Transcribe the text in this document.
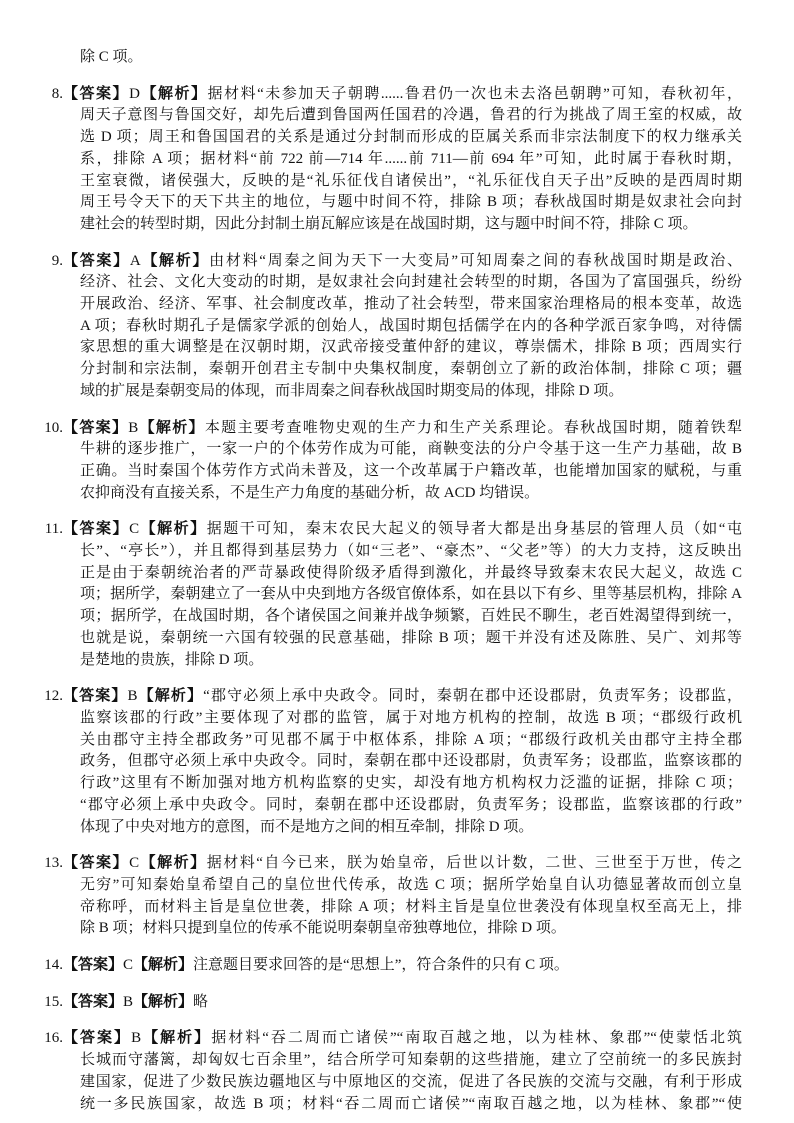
除 C 项。
8. 【答案】D【解析】据材料“未参加天子朝聘......鲁君仍一次也未去洛邑朝聘”可知，春秋初年，
周天子意图与鲁国交好，却先后遭到鲁国两任国君的冷遇，鲁君的行为挑战了周王室的权威，故
选 D 项；周王和鲁国国君的关系是通过分封制而形成的臣属关系而非宗法制度下的权力继承关
系，排除 A 项；据材料“前 722 前—714 年......前 711—前 694 年”可知，此时属于春秋时期，
王室衰微，诸侯强大，反映的是“礼乐征伐自诸侯出”，“礼乐征伐自天子出”反映的是西周时期
周王号令天下的天下共主的地位，与题中时间不符，排除 B 项；春秋战国时期是奴隶社会向封
建社会的转型时期，因此分封制土崩瓦解应该是在战国时期，这与题中时间不符，排除 C 项。
9. 【答案】A【解析】由材料“周秦之间为天下一大变局”可知周秦之间的春秋战国时期是政治、
经济、社会、文化大变动的时期，是奴隶社会向封建社会转型的时期，各国为了富国强兵，纷纷
开展政治、经济、军事、社会制度改革，推动了社会转型，带来国家治理格局的根本变革，故选
A 项；春秋时期孔子是儒家学派的创始人，战国时期包括儒学在内的各种学派百家争鸣，对待儒
家思想的重大调整是在汉朝时期，汉武帝接受董仲舒的建议，尊崇儒术，排除 B 项；西周实行
分封制和宗法制，秦朝开创君主专制中央集权制度，秦朝创立了新的政治体制，排除 C 项；疆
域的扩展是秦朝变局的体现，而非周秦之间春秋战国时期变局的体现，排除 D 项。
10. 【答案】B【解析】本题主要考查唯物史观的生产力和生产关系理论。春秋战国时期，随着铁犁
牛耕的逐步推广，一家一户的个体劳作成为可能，商鞅变法的分户令基于这一生产力基础，故 B
正确。当时秦国个体劳作方式尚未普及，这一个改革属于户籍改革，也能增加国家的赋税，与重
农抑商没有直接关系，不是生产力角度的基础分析，故 ACD 均错误。
11. 【答案】C【解析】据题干可知，秦末农民大起义的领导者大都是出身基层的管理人员（如“屯
长”、“亭长”），并且都得到基层势力（如“三老”、“豪杰”、“父老”等）的大力支持，这反映出
正是由于秦朝统治者的严苛暴政使得阶级矛盾得到激化，并最终导致秦末农民大起义，故选 C
项；据所学，秦朝建立了一套从中央到地方各级官僚体系，如在县以下有乡、里等基层机构，排除 A
项；据所学，在战国时期，各个诸侯国之间兼并战争频繁，百姓民不聊生，老百姓渴望得到统一，
也就是说，秦朝统一六国有较强的民意基础，排除 B 项；题干并没有述及陈胜、吴广、刘邦等
是楚地的贵族，排除 D 项。
12. 【答案】B【解析】“郡守必须上承中央政令。同时，秦朝在郡中还设郡尉，负责军务；设郡监，
监察该郡的行政”主要体现了对郡的监管，属于对地方机构的控制，故选 B 项；“郡级行政机
关由郡守主持全郡政务”可见郡不属于中枢体系，排除 A 项；“郡级行政机关由郡守主持全郡
政务，但郡守必须上承中央政令。同时，秦朝在郡中还设郡尉，负责军务；设郡监，监察该郡的
行政”这里有不断加强对地方机构监察的史实，却没有地方机构权力泛滥的证据，排除 C 项；
“郡守必须上承中央政令。同时，秦朝在郡中还设郡尉，负责军务；设郡监，监察该郡的行政”
体现了中央对地方的意图，而不是地方之间的相互牵制，排除 D 项。
13. 【答案】C【解析】据材料“自今已来，朕为始皇帝，后世以计数，二世、三世至于万世，传之
无穷”可知秦始皇希望自己的皇位世代传承，故选 C 项；据所学始皇自认功德显著故而创立皇
帝称呼，而材料主旨是皇位世袭，排除 A 项；材料主旨是皇位世袭没有体现皇权至高无上，排
除 B 项；材料只提到皇位的传承不能说明秦朝皇帝独尊地位，排除 D 项。
14. 【答案】C【解析】注意题目要求回答的是“思想上”，符合条件的只有 C 项。
15. 【答案】B【解析】略
16. 【答案】B【解析】据材料“吞二周而亡诸侯”“南取百越之地，以为桂林、象郡”“使蒙恬北筑
长城而守藩篱，却匈奴七百余里”，结合所学可知秦朝的这些措施，建立了空前统一的多民族封
建国家，促进了少数民族边疆地区与中原地区的交流，促进了各民族的交流与交融，有利于形成
统一多民族国家，故选 B 项；材料“吞二周而亡诸侯”“南取百越之地，以为桂林、象郡”“使
